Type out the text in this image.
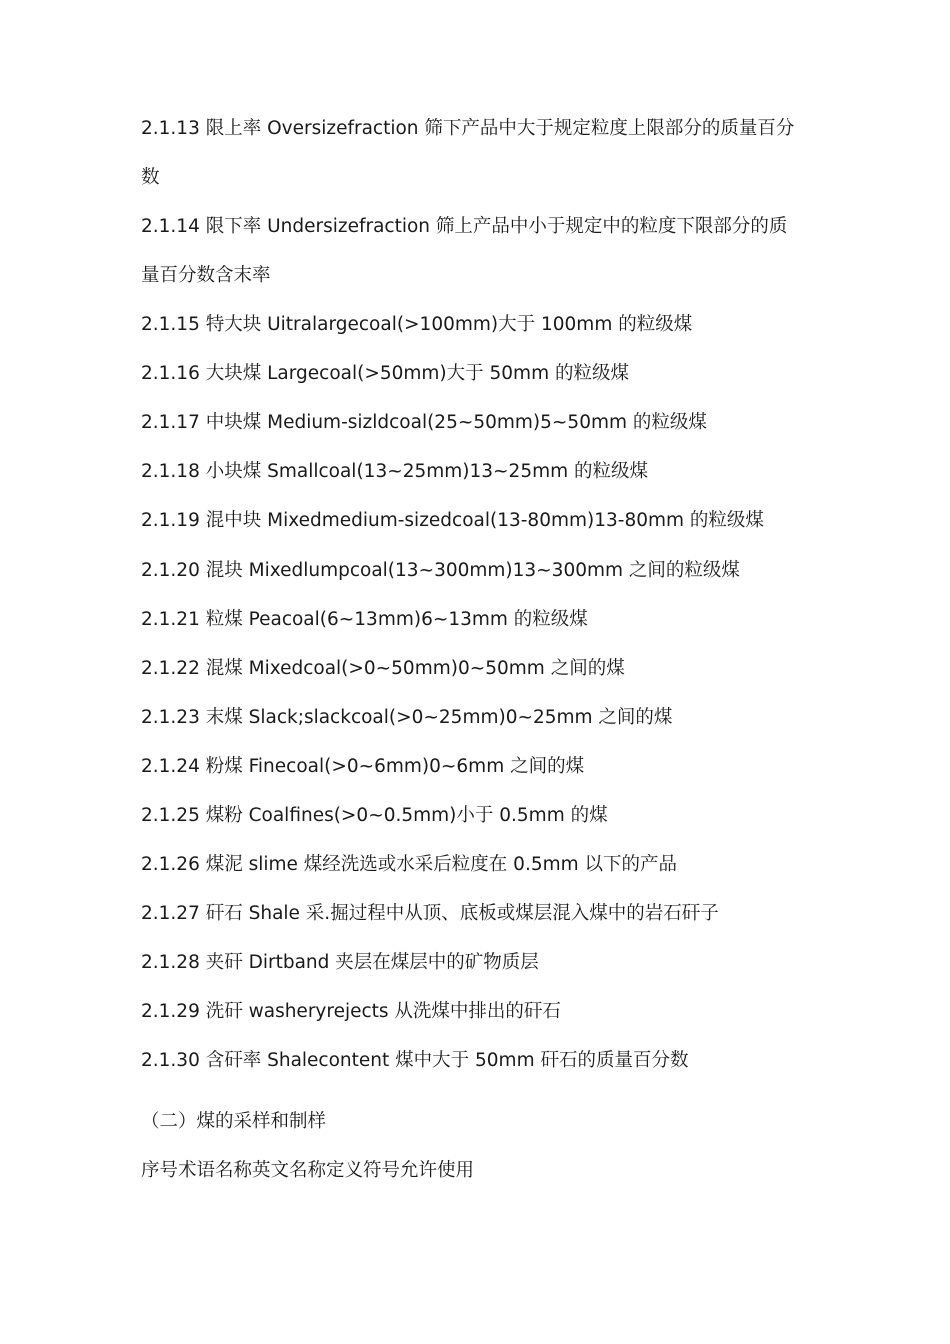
2.1.13 限上率 Oversizefraction 筛下产品中大于规定粒度上限部分的质量百分
数
2.1.14 限下率 Undersizefraction 筛上产品中小于规定中的粒度下限部分的质
量百分数含末率
2.1.15 特大块 Uitralargecoal(>100mm)大于 100mm 的粒级煤
2.1.16 大块煤 Largecoal(>50mm)大于 50mm 的粒级煤
2.1.17 中块煤 Medium-sizldcoal(25~50mm)5~50mm 的粒级煤
2.1.18 小块煤 Smallcoal(13~25mm)13~25mm 的粒级煤
2.1.19 混中块 Mixedmedium-sizedcoal(13-80mm)13-80mm 的粒级煤
2.1.20 混块 Mixedlumpcoal(13~300mm)13~300mm 之间的粒级煤
2.1.21 粒煤 Peacoal(6~13mm)6~13mm 的粒级煤
2.1.22 混煤 Mixedcoal(>0~50mm)0~50mm 之间的煤
2.1.23 末煤 Slack;slackcoal(>0~25mm)0~25mm 之间的煤
2.1.24 粉煤 Finecoal(>0~6mm)0~6mm 之间的煤
2.1.25 煤粉 Coalfines(>0~0.5mm)小于 0.5mm 的煤
2.1.26 煤泥 slime 煤经洗选或水采后粒度在 0.5mm 以下的产品
2.1.27 矸石 Shale 采.掘过程中从顶、底板或煤层混入煤中的岩石矸子
2.1.28 夹矸 Dirtband 夹层在煤层中的矿物质层
2.1.29 洗矸 washeryrejects 从洗煤中排出的矸石
2.1.30 含矸率 Shalecontent 煤中大于 50mm 矸石的质量百分数
（二）煤的采样和制样
序号术语名称英文名称定义符号允许使用
